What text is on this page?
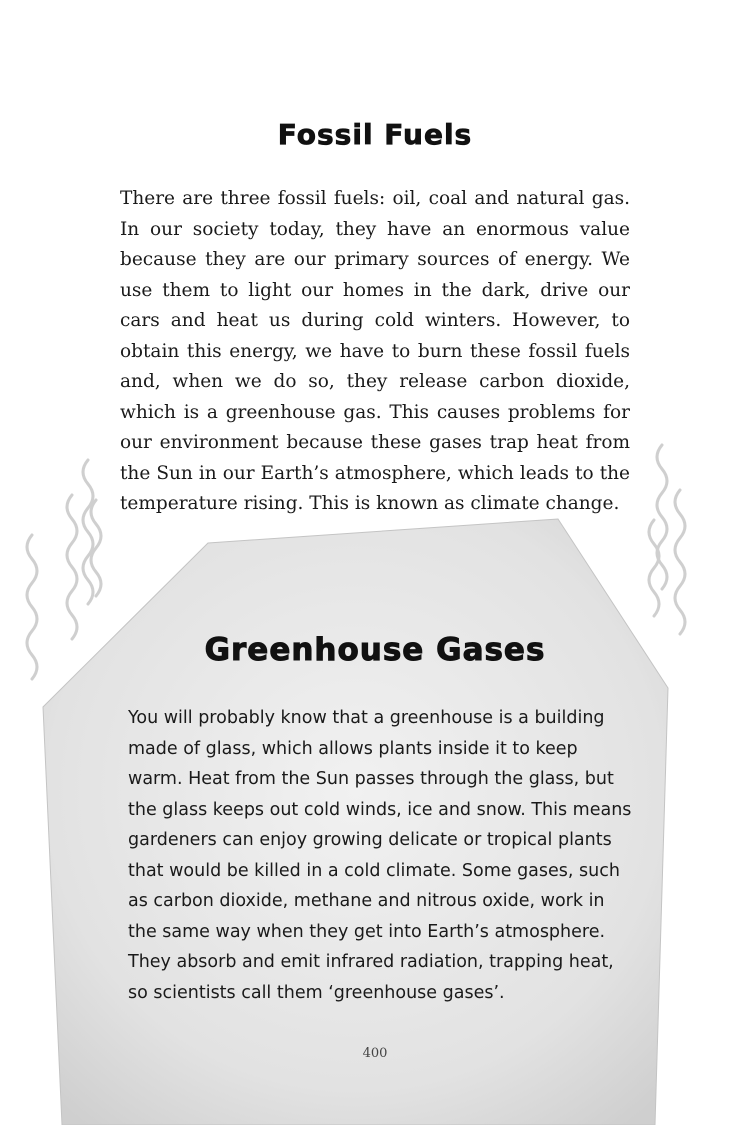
Fossil Fuels

There are three fossil fuels: oil, coal and natural gas. In our society today, they have an enormous value because they are our primary sources of energy. We use them to light our homes in the dark, drive our cars and heat us during cold winters. However, to obtain this energy, we have to burn these fossil fuels and, when we do so, they release carbon dioxide, which is a greenhouse gas. This causes problems for our environment because these gases trap heat from the Sun in our Earth’s atmosphere, which leads to the temperature rising. This is known as climate change.

Greenhouse Gases

You will probably know that a greenhouse is a building
made of glass, which allows plants inside it to keep
warm. Heat from the Sun passes through the glass, but
the glass keeps out cold winds, ice and snow. This means
gardeners can enjoy growing delicate or tropical plants
that would be killed in a cold climate. Some gases, such
as carbon dioxide, methane and nitrous oxide, work in
the same way when they get into Earth’s atmosphere.
They absorb and emit infrared radiation, trapping heat,
so scientists call them ‘greenhouse gases’.

400
